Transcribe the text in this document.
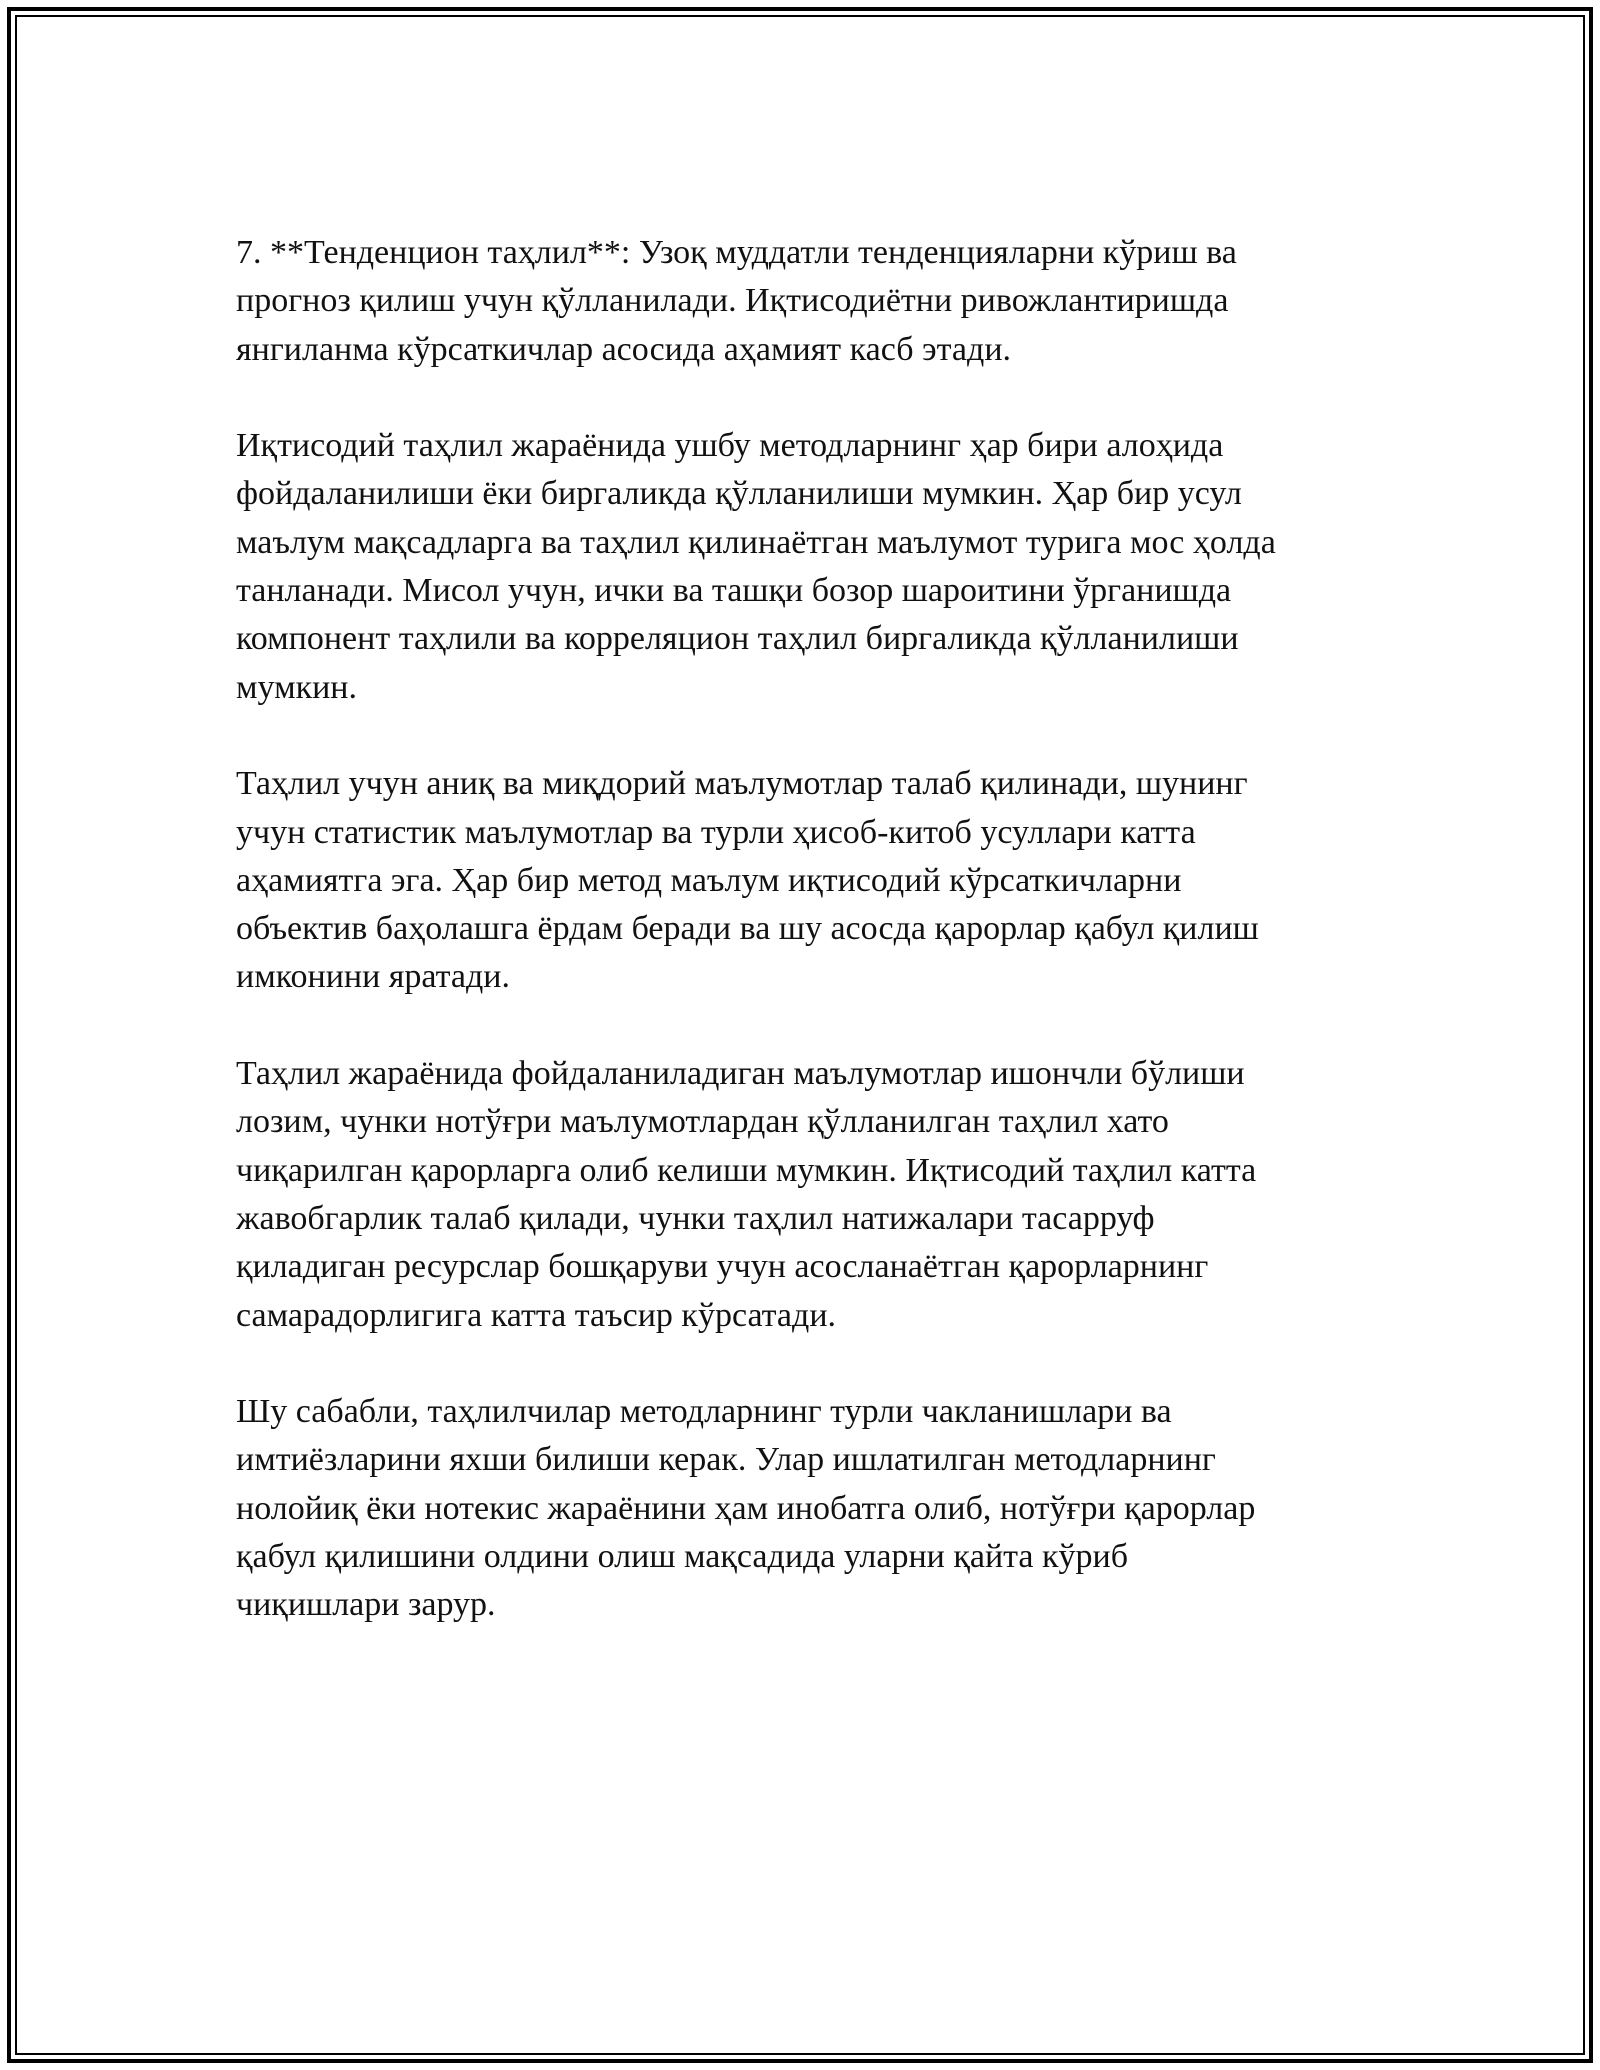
7. **Тенденцион таҳлил**: Узоқ муддатли тенденцияларни кўриш ва
прогноз қилиш учун қўлланилади. Иқтисодиётни ривожлантиришда
янгиланма кўрсаткичлар асосида аҳамият касб этади.

Иқтисодий таҳлил жараёнида ушбу методларнинг ҳар бири алоҳида
фойдаланилиши ёки биргаликда қўлланилиши мумкин. Ҳар бир усул
маълум мақсадларга ва таҳлил қилинаётган маълумот турига мос ҳолда
танланади. Мисол учун, ички ва ташқи бозор шароитини ўрганишда
компонент таҳлили ва корреляцион таҳлил биргаликда қўлланилиши
мумкин.

Таҳлил учун аниқ ва миқдорий маълумотлар талаб қилинади, шунинг
учун статистик маълумотлар ва турли ҳисоб-китоб усуллари катта
аҳамиятга эга. Ҳар бир метод маълум иқтисодий кўрсаткичларни
объектив баҳолашга ёрдам беради ва шу асосда қарорлар қабул қилиш
имконини яратади.

Таҳлил жараёнида фойдаланиладиган маълумотлар ишончли бўлиши
лозим, чунки нотўғри маълумотлардан қўлланилган таҳлил хато
чиқарилган қарорларга олиб келиши мумкин. Иқтисодий таҳлил катта
жавобгарлик талаб қилади, чунки таҳлил натижалари тасарруф
қиладиган ресурслар бошқаруви учун асосланаётган қарорларнинг
самарадорлигига катта таъсир кўрсатади.

Шу сабабли, таҳлилчилар методларнинг турли чакланишлари ва
имтиёзларини яхши билиши керак. Улар ишлатилган методларнинг
нолойиқ ёки нотекис жараёнини ҳам инобатга олиб, нотўғри қарорлар
қабул қилишини олдини олиш мақсадида уларни қайта кўриб
чиқишлари зарур.
